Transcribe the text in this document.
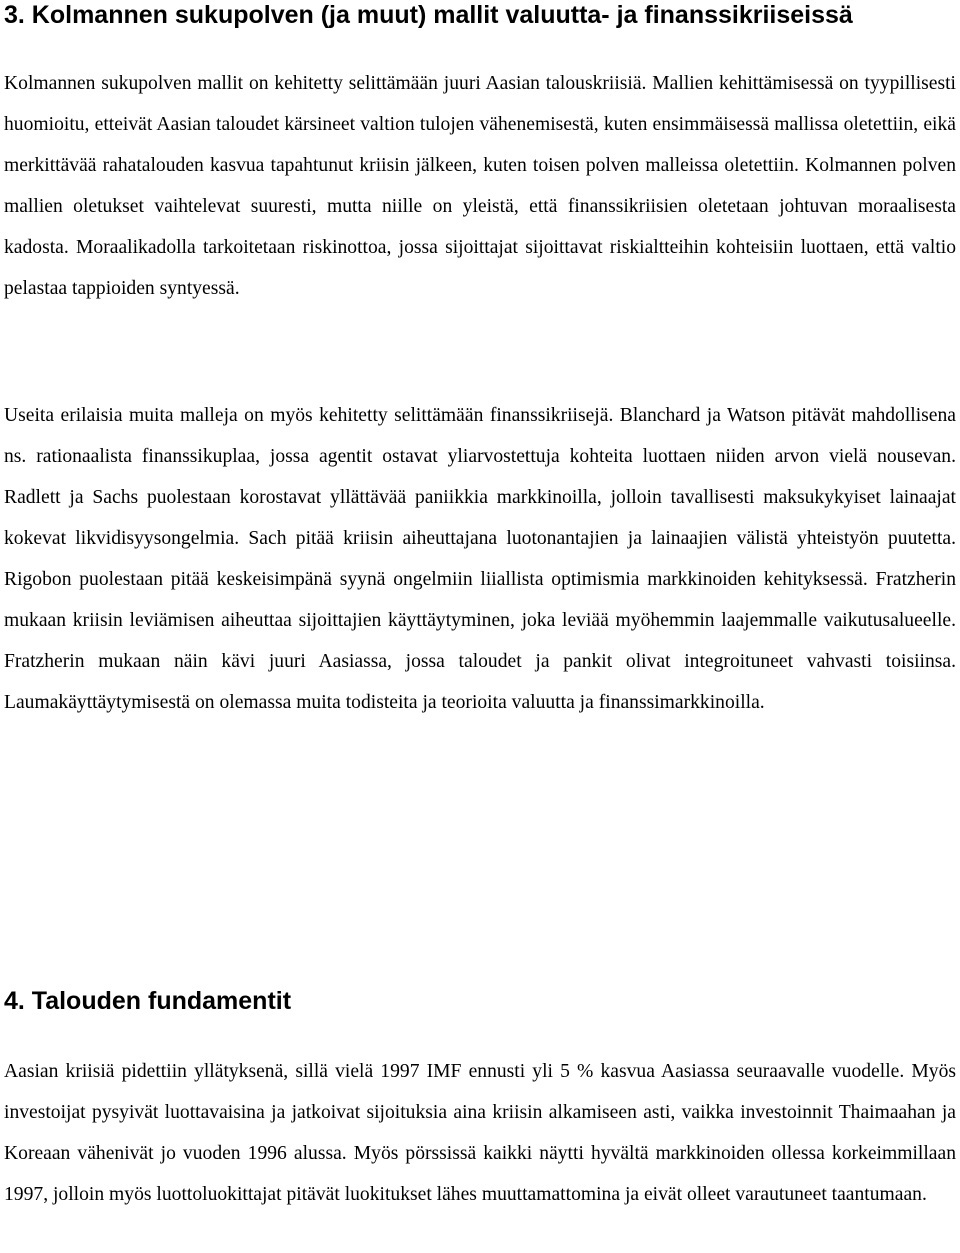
3. Kolmannen sukupolven (ja muut) mallit valuutta- ja finanssikriiseissä

Kolmannen sukupolven mallit on kehitetty selittämään juuri Aasian talouskriisiä. Mallien kehittämisessä on tyypillisesti huomioitu, etteivät Aasian taloudet kärsineet valtion tulojen vähenemisestä, kuten ensimmäisessä mallissa oletettiin, eikä merkittävää rahatalouden kasvua tapahtunut kriisin jälkeen, kuten toisen polven malleissa oletettiin. Kolmannen polven mallien oletukset vaihtelevat suuresti, mutta niille on yleistä, että finanssikriisien oletetaan johtuvan moraalisesta kadosta. Moraalikadolla tarkoitetaan riskinottoa, jossa sijoittajat sijoittavat riskialtteihin kohteisiin luottaen, että valtio pelastaa tappioiden syntyessä.

Useita erilaisia muita malleja on myös kehitetty selittämään finanssikriisejä. Blanchard ja Watson pitävät mahdollisena ns. rationaalista finanssikuplaa, jossa agentit ostavat yliarvostettuja kohteita luottaen niiden arvon vielä nousevan. Radlett ja Sachs puolestaan korostavat yllättävää paniikkia markkinoilla, jolloin tavallisesti maksukykyiset lainaajat kokevat likvidisyysongelmia. Sach pitää kriisin aiheuttajana luotonantajien ja lainaajien välistä yhteistyön puutetta. Rigobon puolestaan pitää keskeisimpänä syynä ongelmiin liiallista optimismia markkinoiden kehityksessä. Fratzherin mukaan kriisin leviämisen aiheuttaa sijoittajien käyttäytyminen, joka leviää myöhemmin laajemmalle vaikutusalueelle. Fratzherin mukaan näin kävi juuri Aasiassa, jossa taloudet ja pankit olivat integroituneet vahvasti toisiinsa. Laumakäyttäytymisestä on olemassa muita todisteita ja teorioita valuutta ja finanssimarkkinoilla.

4. Talouden fundamentit

Aasian kriisiä pidettiin yllätyksenä, sillä vielä 1997 IMF ennusti yli 5 % kasvua Aasiassa seuraavalle vuodelle. Myös investoijat pysyivät luottavaisina ja jatkoivat sijoituksia aina kriisin alkamiseen asti, vaikka investoinnit Thaimaahan ja Koreaan vähenivät jo vuoden 1996 alussa. Myös pörssissä kaikki näytti hyvältä markkinoiden ollessa korkeimmillaan 1997, jolloin myös luottoluokittajat pitävät luokitukset lähes muuttamattomina ja eivät olleet varautuneet taantumaan.
